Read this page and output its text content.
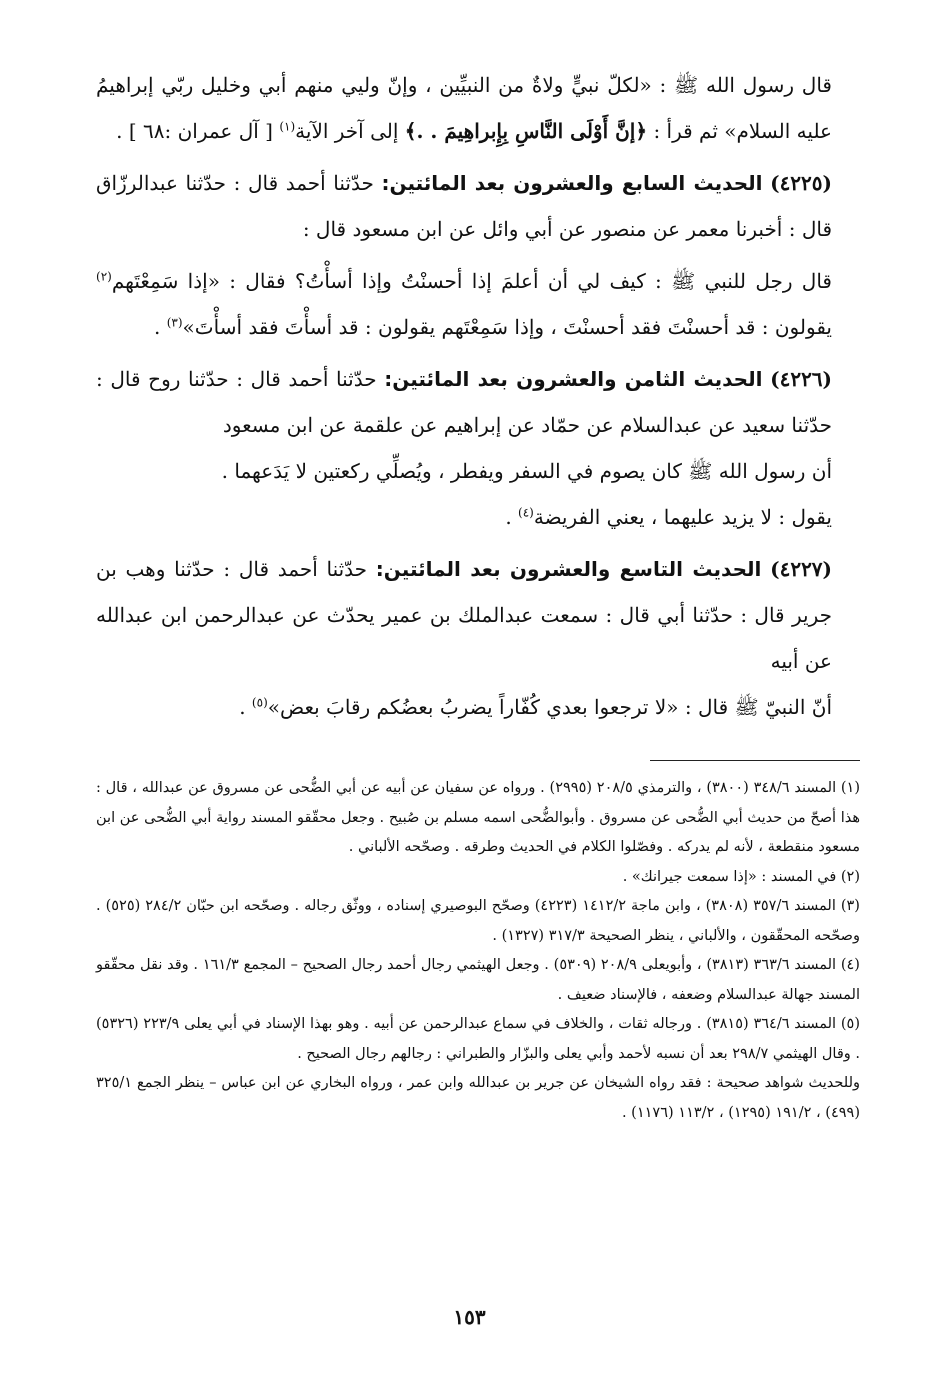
قال رسول الله ﷺ : «لكلّ نبيٍّ ولاةٌ من النبيِّين ، وإنّ وليي منهم أبي وخليل ربّي إبراهيمُ عليه السلام» ثم قرأ : ﴿إنَّ أَوْلَى النَّاسِ بِإِبراهِيمَ . .﴾ إلى آخر الآية$^{(١)}$ [ آل عمران :٦٨ ] .

(٤٢٢٥) الحديث السابع والعشرون بعد المائتين: حدّثنا أحمد قال : حدّثنا عبدالرزّاق قال : أخبرنا معمر عن منصور عن أبي وائل عن ابن مسعود قال :

قال رجل للنبي ﷺ : كيف لي أن أعلمَ إذا أحسنْتُ وإذا أسأْتُ؟ فقال : «إذا سَمِعْتَهم$^{(٢)}$ يقولون : قد أحسنْتَ فقد أحسنْتَ ، وإذا سَمِعْتَهم يقولون : قد أسأْتَ فقد أسأْتَ»$^{(٣)}$ .

(٤٢٢٦) الحديث الثامن والعشرون بعد المائتين: حدّثنا أحمد قال : حدّثنا روح قال : حدّثنا سعيد عن عبدالسلام عن حمّاد عن إبراهيم عن علقمة عن ابن مسعود

أن رسول الله ﷺ كان يصوم في السفر ويفطر ، ويُصلِّي ركعتين لا يَدَعهما .

يقول : لا يزيد عليهما ، يعني الفريضة$^{(٤)}$ .

(٤٢٢٧) الحديث التاسع والعشرون بعد المائتين: حدّثنا أحمد قال : حدّثنا وهب بن جرير قال : حدّثنا أبي قال : سمعت عبدالملك بن عمير يحدّث عن عبدالرحمن ابن عبدالله عن أبيه

أنّ النبيّ ﷺ قال : «لا ترجعوا بعدي كُفّاراً يضربُ بعضُكم رقابَ بعض»$^{(٥)}$ .

(١) المسند ٣٤٨/٦ (٣٨٠٠) ، والترمذي ٢٠٨/٥ (٢٩٩٥) . ورواه عن سفيان عن أبيه عن أبي الضُّحى عن مسروق عن عبدالله ، قال : هذا أصحّ من حديث أبي الضُّحى عن مسروق . وأبوالضُّحى اسمه مسلم بن صُبيح . وجعل محقّقو المسند رواية أبي الضُّحى عن ابن مسعود منقطعة ، لأنه لم يدركه . وفصّلوا الكلام في الحديث وطرقه . وصحّحه الألباني .

(٢) في المسند : «إذا سمعت جيرانك» .

(٣) المسند ٣٥٧/٦ (٣٨٠٨) ، وابن ماجة ١٤١٢/٢ (٤٢٢٣) وصحّح البوصيري إسناده ، ووثّق رجاله . وصحّحه ابن حبّان ٢٨٤/٢ (٥٢٥) . وصحّحه المحقّقون ، والألباني ، ينظر الصحيحة ٣١٧/٣ (١٣٢٧) .

(٤) المسند ٣٦٣/٦ (٣٨١٣) ، وأبويعلى ٢٠٨/٩ (٥٣٠٩) . وجعل الهيثمي رجال أحمد رجال الصحيح – المجمع ١٦١/٣ . وقد نقل محقّقو المسند جهالة عبدالسلام وضعفه ، فالإسناد ضعيف .

(٥) المسند ٣٦٤/٦ (٣٨١٥) . ورجاله ثقات ، والخلاف في سماع عبدالرحمن عن أبيه . وهو بهذا الإسناد في أبي يعلى ٢٢٣/٩ (٥٣٢٦) . وقال الهيثمي ٢٩٨/٧ بعد أن نسبه لأحمد وأبي يعلى والبزّار والطبراني : رجالهم رجال الصحيح .

وللحديث شواهد صحيحة : فقد رواه الشيخان عن جرير بن عبدالله وابن عمر ، ورواه البخاري عن ابن عباس – ينظر الجمع ٣٢٥/١ (٤٩٩) ، ١٩١/٢ (١٢٩٥) ، ١١٣/٢ (١١٧٦) .

١٥٣
